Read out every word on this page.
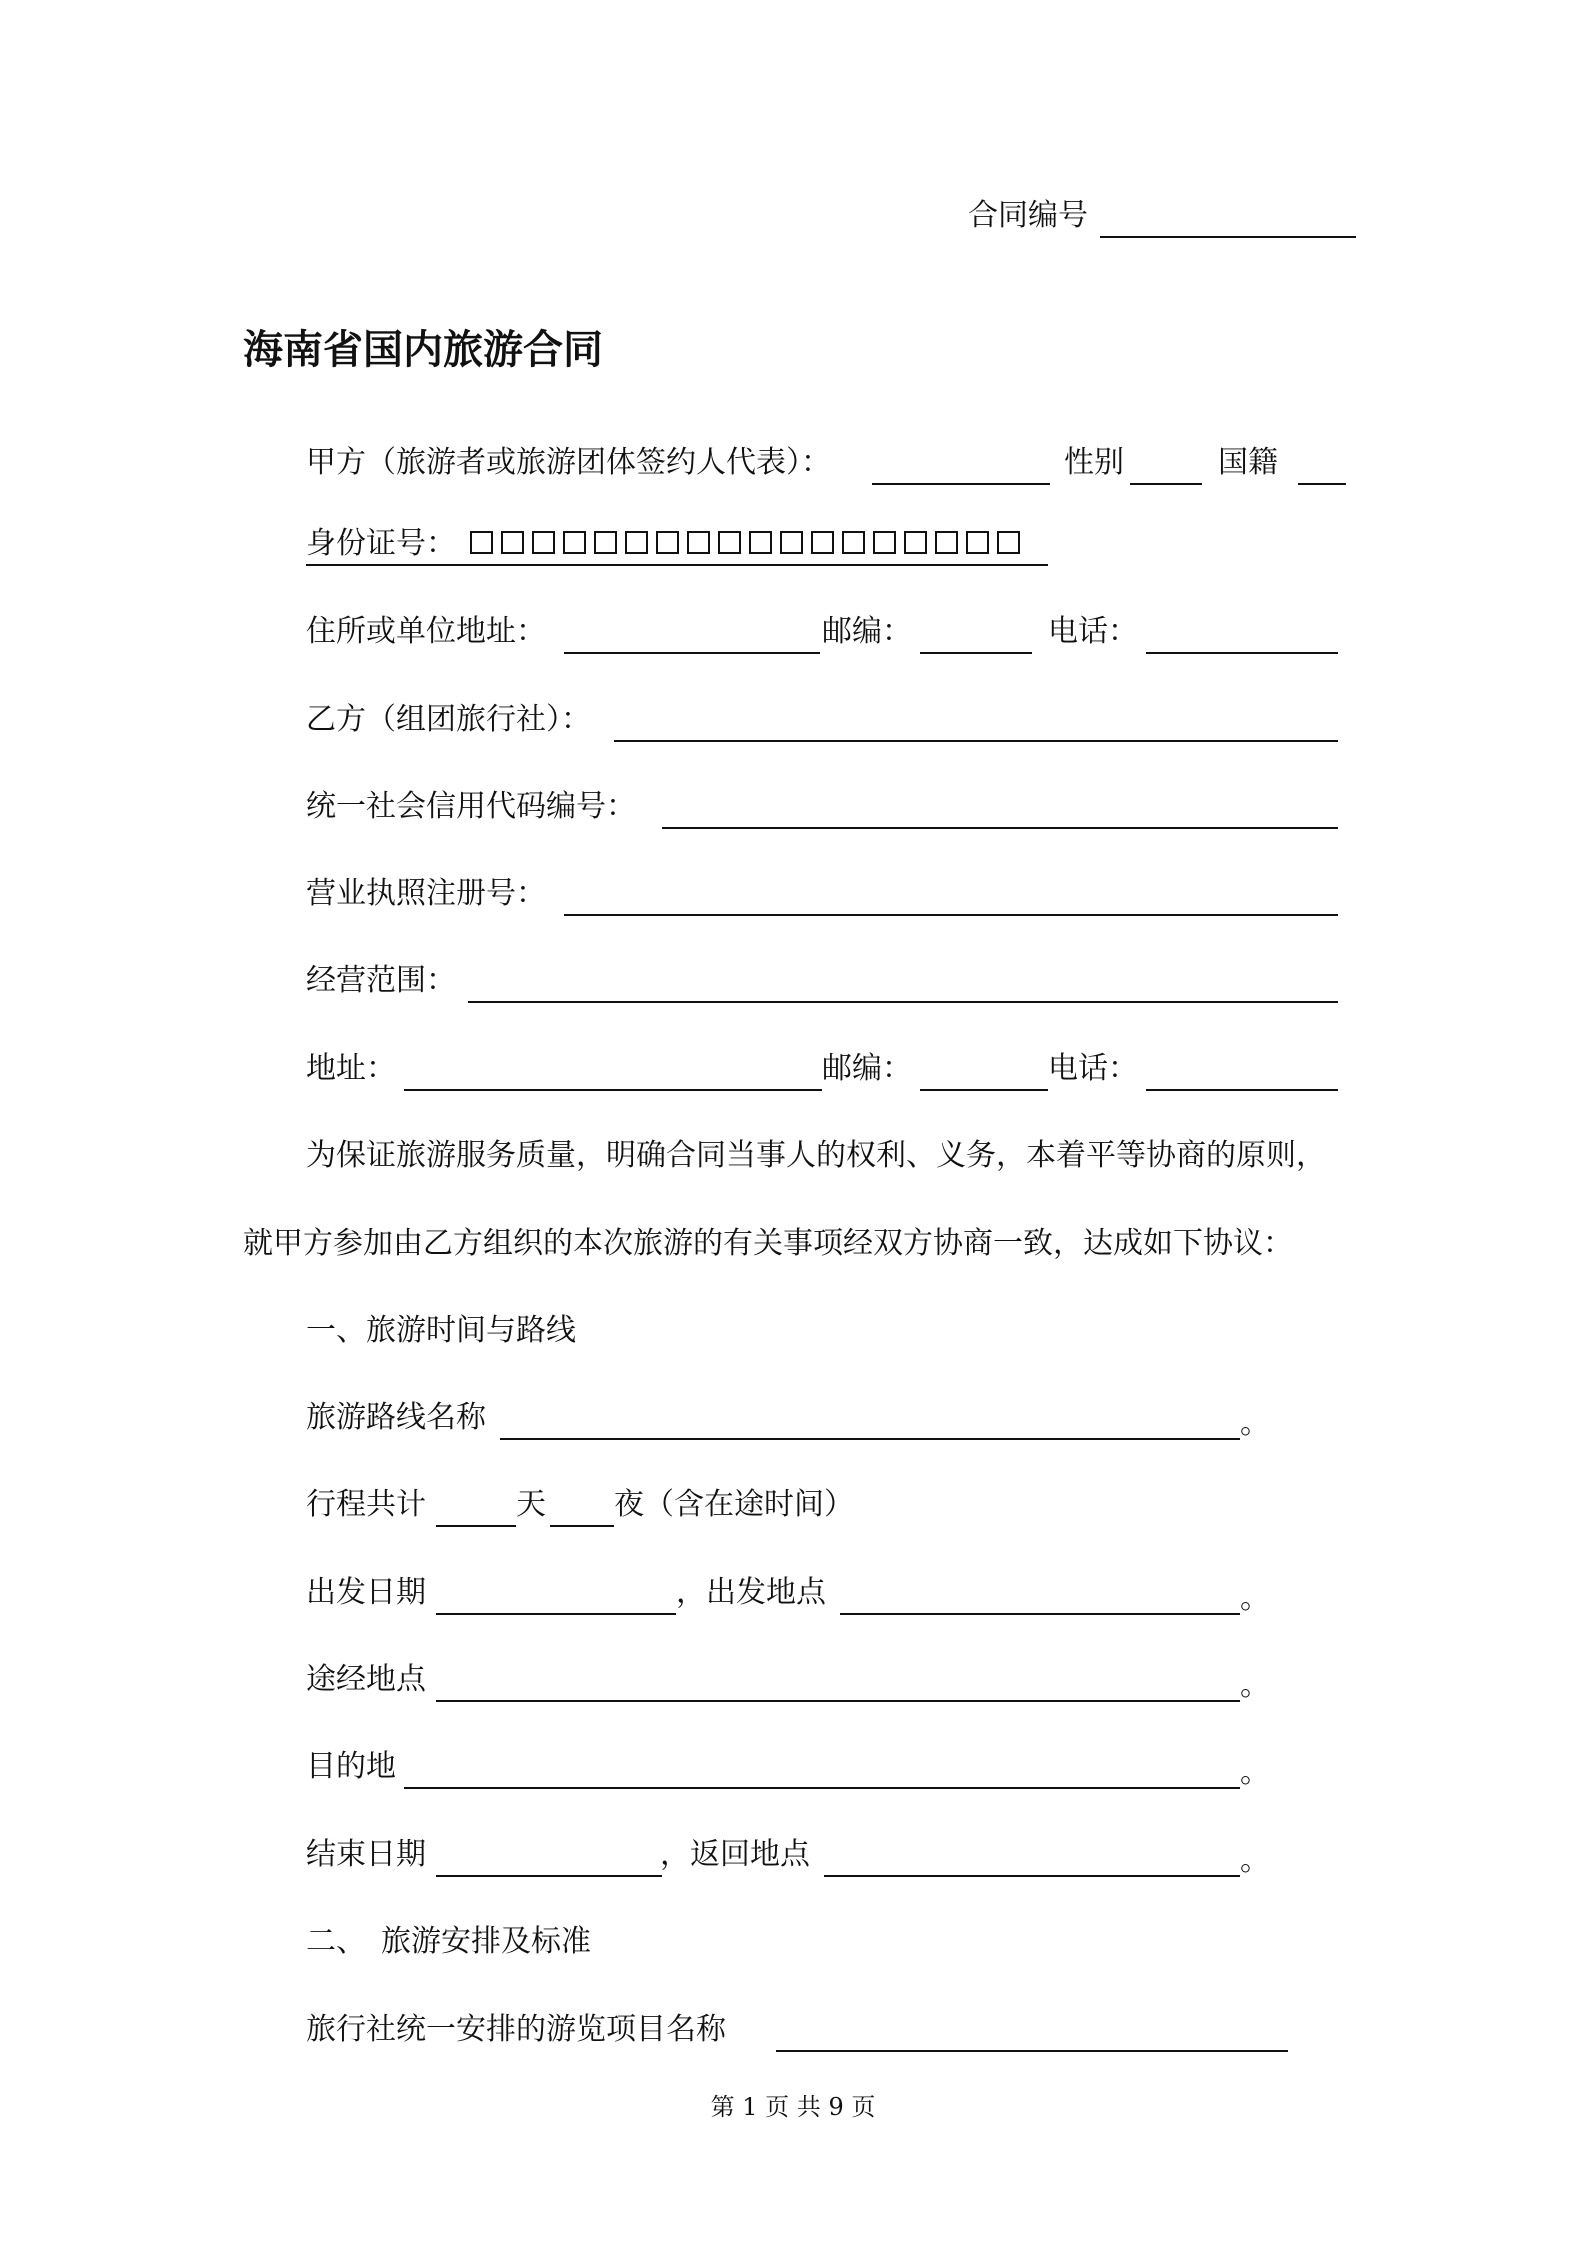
合同编号
海南省国内旅游合同
甲方（旅游者或旅游团体签约人代表）：	性别	国籍
身份证号：
住所或单位地址：	邮编：	电话：
乙方（组团旅行社）：
统一社会信用代码编号：
营业执照注册号：
经营范围：
地址：	邮编：	电话：
为保证旅游服务质量，明确合同当事人的权利、义务，本着平等协商的原则，
就甲方参加由乙方组织的本次旅游的有关事项经双方协商一致，达成如下协议：
一、旅游时间与路线
旅游路线名称	。
行程共计	天 夜（含在途时间）
出发日期	，出发地点	。
途经地点	。
目的地	。
结束日期	，返回地点	。
二、　旅游安排及标准
旅行社统一安排的游览项目名称
第 1 页 共 9 页
